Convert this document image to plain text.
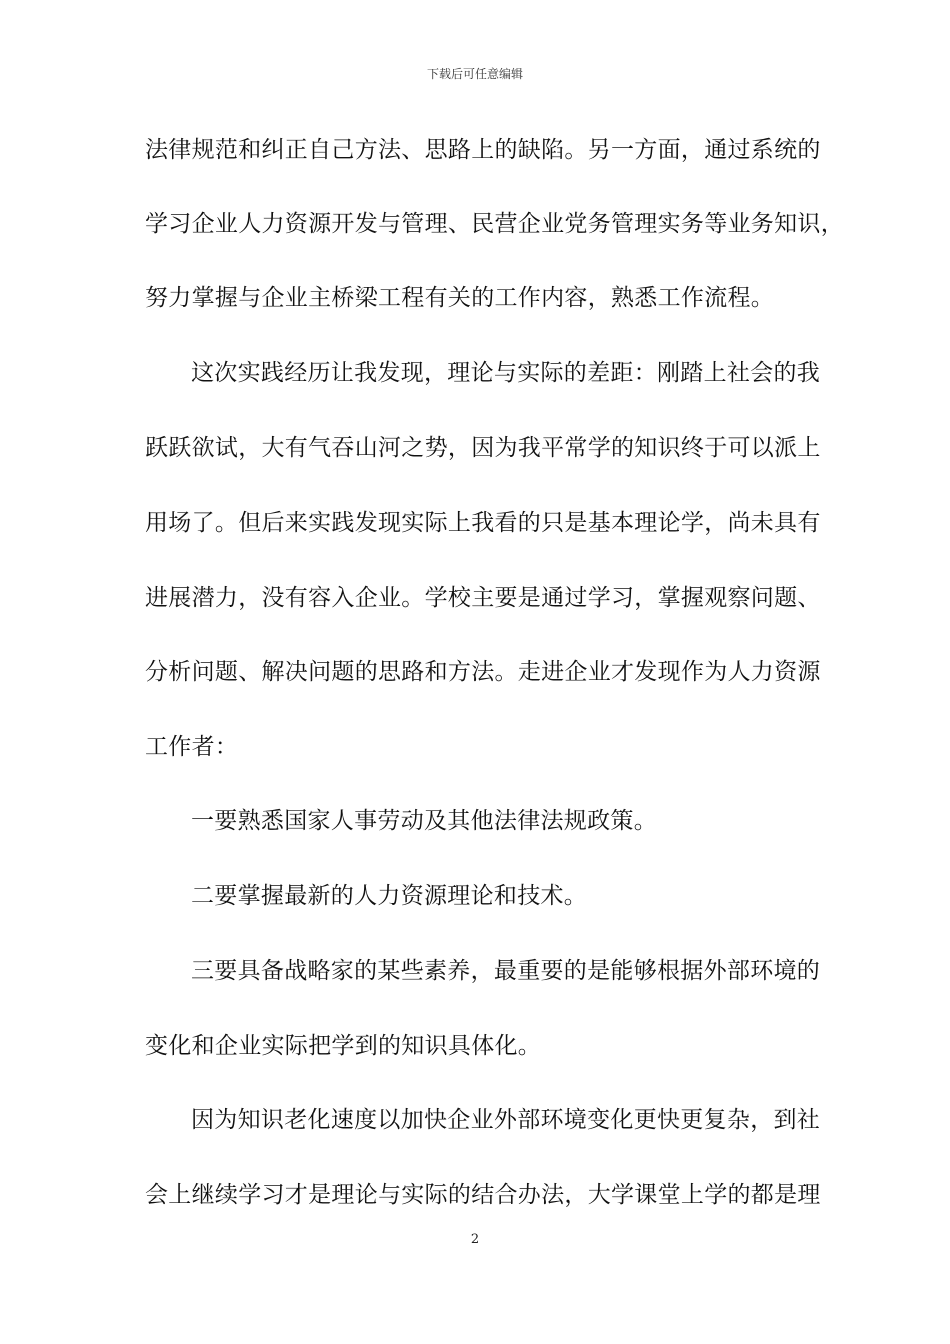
下载后可任意编辑
法律规范和纠正自己方法、思路上的缺陷。另一方面，通过系统的
学习企业人力资源开发与管理、民营企业党务管理实务等业务知识，
努力掌握与企业主桥梁工程有关的工作内容，熟悉工作流程。
这次实践经历让我发现，理论与实际的差距：刚踏上社会的我
跃跃欲试，大有气吞山河之势，因为我平常学的知识终于可以派上
用场了。但后来实践发现实际上我看的只是基本理论学，尚未具有
进展潜力，没有容入企业。学校主要是通过学习，掌握观察问题、
分析问题、解决问题的思路和方法。走进企业才发现作为人力资源
工作者：
一要熟悉国家人事劳动及其他法律法规政策。
二要掌握最新的人力资源理论和技术。
三要具备战略家的某些素养，最重要的是能够根据外部环境的
变化和企业实际把学到的知识具体化。
因为知识老化速度以加快企业外部环境变化更快更复杂，到社
会上继续学习才是理论与实际的结合办法，大学课堂上学的都是理
2
